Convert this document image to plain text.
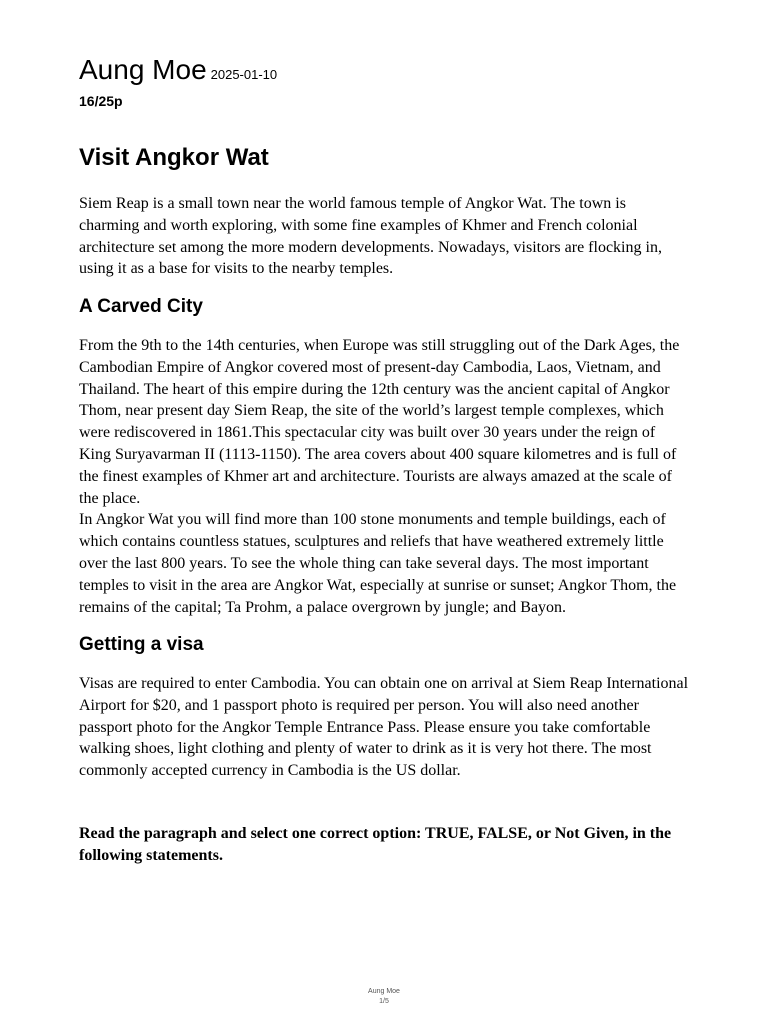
Aung Moe 2025-01-10
16/25p
Visit Angkor Wat

Siem Reap is a small town near the world famous temple of Angkor Wat. The town is charming and worth exploring, with some fine examples of Khmer and French colonial architecture set among the more modern developments. Nowadays, visitors are flocking in, using it as a base for visits to the nearby temples.

A Carved City

From the 9th to the 14th centuries, when Europe was still struggling out of the Dark Ages, the Cambodian Empire of Angkor covered most of present-day Cambodia, Laos, Vietnam, and Thailand. The heart of this empire during the 12th century was the ancient capital of Angkor Thom, near present day Siem Reap, the site of the world’s largest temple complexes, which were rediscovered in 1861.This spectacular city was built over 30 years under the reign of King Suryavarman II (1113-1150). The area covers about 400 square kilometres and is full of the finest examples of Khmer art and architecture. Tourists are always amazed at the scale of the place.

In Angkor Wat you will find more than 100 stone monuments and temple buildings, each of which contains countless statues, sculptures and reliefs that have weathered extremely little over the last 800 years. To see the whole thing can take several days. The most important temples to visit in the area are Angkor Wat, especially at sunrise or sunset; Angkor Thom, the remains of the capital; Ta Prohm, a palace overgrown by jungle; and Bayon.

Getting a visa

Visas are required to enter Cambodia. You can obtain one on arrival at Siem Reap International Airport for $20, and 1 passport photo is required per person. You will also need another passport photo for the Angkor Temple Entrance Pass. Please ensure you take comfortable walking shoes, light clothing and plenty of water to drink as it is very hot there. The most commonly accepted currency in Cambodia is the US dollar.

Read the paragraph and select one correct option: TRUE, FALSE, or Not Given, in the following statements.

Aung Moe
1/5
